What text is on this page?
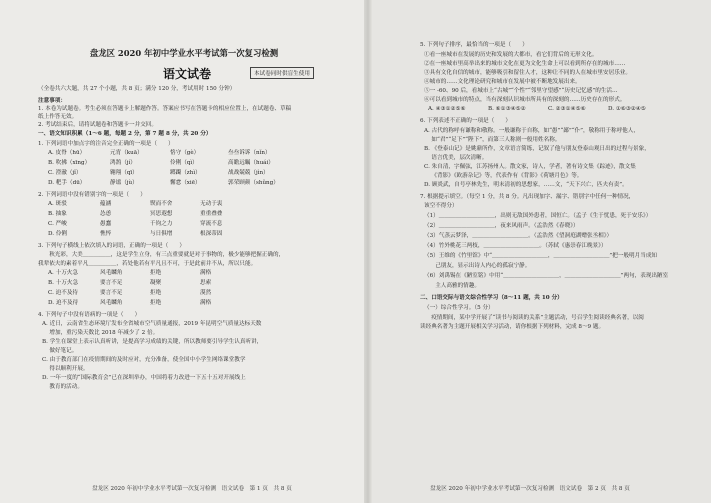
盘龙区 2020 年初中学业水平考试第一次复习检测
语文试卷	本试卷同时供盲生使用
（全卷共六大题，共 27 个小题，共 8 页；满分 120 分，考试用时 150 分钟）
注意事项：
1. 本卷为试题卷。考生必须在答题卡上解题作答。答案应书写在答题卡的相应位置上，在试题卷、草稿
纸上作答无效。
2. 考试结束后，请将试题卷和答题卡一并交回。
一、语文知识积累（1～6 题，每题 2 分，第 7 题 8 分，共 20 分）
1. 下列词语中加点字的注音完全正确的一项是（　　）
A. 皮脊（hū）	元宵（kuā）	恪守（gè）	叁叁诉诉（nǐn）
B. 吹拂（xīng）	鸿鹄（jí）	伶俐（qì）	高瞻远瞩（huái）
C. 澄澈（jǐ）	翱翔（qī）	踯躅（zhì）	战战兢兢（jìn）
D. 粑手（dū）	静谧（jù）	懈怠（xiē）	郭荣顾颜（shǔng）
2. 下列词语中没有错别字的一项是（　　）
A. 斑驳	蕴涵	锲而不舍	无动于衷
B. 抽象	怂恿	冥思遐想	重重叠叠
C. 严峻	愚蠢	千钧之力	穿流不息
D. 伶俐	憔悴	与日俱增	根深蒂固
3. 下列句子横线上依次填入的词语，正确的一项是（　　）
　　秋光彩，大美＿＿＿＿＿，这是学生立身，有三点重要就是对于事物的，极少能够把握正确的，
我辈依夫的素着平凡＿＿＿＿＿，若处他若有平凡且不可，于是此前并不从，所以只能。
A. 十万火急	风毛麟角	拒绝	满格
B. 十万火急	要言不足	凝聚	思索
C. 迫不及待	要言不足	拒绝	漠然
D. 迫不及待	风毛麟角	拒绝	满格
4. 下列句子中没有语病的一项是（　　）
A. 近日，云南省生态环境厅发布全省城市空气质量通报，2019 年昆明空气质量达标天数
　 增加，重污染天数比 2018 年减少了 2 倍。
B. 学生在课堂上表示认真听讲，是提高学习成绩的关键，所以教师要引导学生认真听讲，
　 做好笔记。
C. 由于教育部门在疫情期间的及时应对，充分准备，使全国中小学生网络课堂教学
　 得以顺利开展。
D. 一年一度的“国际教育会”已在深圳举办，中国将着力改进一下五十五对开展线上
　 教育的活动。
盘龙区 2020 年初中学业水平考试第一次复习检测　语文试卷　第 1 页　共 8 页
5. 下列句子排序，最恰当的一项是（　　）
①看一座城市在发展的历史和发展的大都市，看它们背后的无形文化。
②在一座城市里高举出来的城市文化在更为文化生命上可以看到所存在的城市……
③具有文化自信的城市，能够吸引和留住人才，这种让不同的人在城市里安居乐业。
④城市的……文化理论研究和城市在发展中被不断地发展出来。
⑤一 -60、90 后，看城市上“古城”“个性”“邻里守望感”“历史记忆感”的生活…
⑥可以看到城市的特点，当有深刻认识城市所具有的深刻的……历史存在的形式。
A. ④③①②⑤⑥	B. ⑥①③④⑤②	C. ②③①④⑤⑥	D. ①⑥③②④⑤
6. 下列表述不正确的一项是（　　）
A. 古代的称呼有谦称和敬称。一般谦称于自称，如“愚”“鄙”“仆”，敬称用于称呼他人，
　 如“君”“足下”“陛下”，而第三人称则一般用姓名称。
B. 《登泰山记》是姚鼐所作，文章语言简练，记叙了他与朋友登泰山观日出的过程与景象，
　 语言优美，层次清晰。
C. 朱自清，字佩弦，江苏扬州人。散文家，诗人，学者，著有诗文集《踪迹》，散文集
　 《背影》《欧游杂记》等，代表作有《背影》《荷塘月色》等。
D. 顾炎武，自号亭林先生，明末清初的思想家，……文，“天下兴亡，匹夫有责”。
7. 根据提示填空。（每空 1 分，共 8 分。凡出现加字、漏字、错别字中任何一种情况，
该空不得分）
（1）＿＿＿＿＿＿＿＿＿＿，出则无敌国外患者，国恒亡。（孟子《生于忧患，死于安乐》）
（2）＿＿＿＿＿＿＿＿＿＿，夜来风雨声。（孟浩然《春晓》）
（3）气蒸云梦泽，＿＿＿＿＿＿＿＿＿＿。（孟浩然《望洞庭湖赠张丞相》）
（4）竹外桃花三两枝，＿＿＿＿＿＿＿＿＿＿。（苏轼《惠崇春江晚景》）
（5）王维的《竹里馆》中“＿＿＿＿＿＿＿＿＿＿，＿＿＿＿＿＿＿＿＿＿”把一般明月当成知
　　己朋友，显示出诗人内心的孤寂宁静。
（6）刘禹锡在《陋室铭》中用“＿＿＿＿＿＿＿＿＿＿，＿＿＿＿＿＿＿＿＿＿”两句，表现出陋室
　　主人高雅的情趣。
二、口语交际与语文综合性学习（8～11 题，共 10 分）
（一）综合性学习。（5 分）
　　疫情期间，某中学开展了“读书与阅读的关系”主题活动，号召学生阅读经典名著，以阅
读经典名著为主题开展相关学习活动，请你根据下列材料，完成 8～9 题。
盘龙区 2020 年初中学业水平考试第一次复习检测　语文试卷　第 2 页　共 8 页
